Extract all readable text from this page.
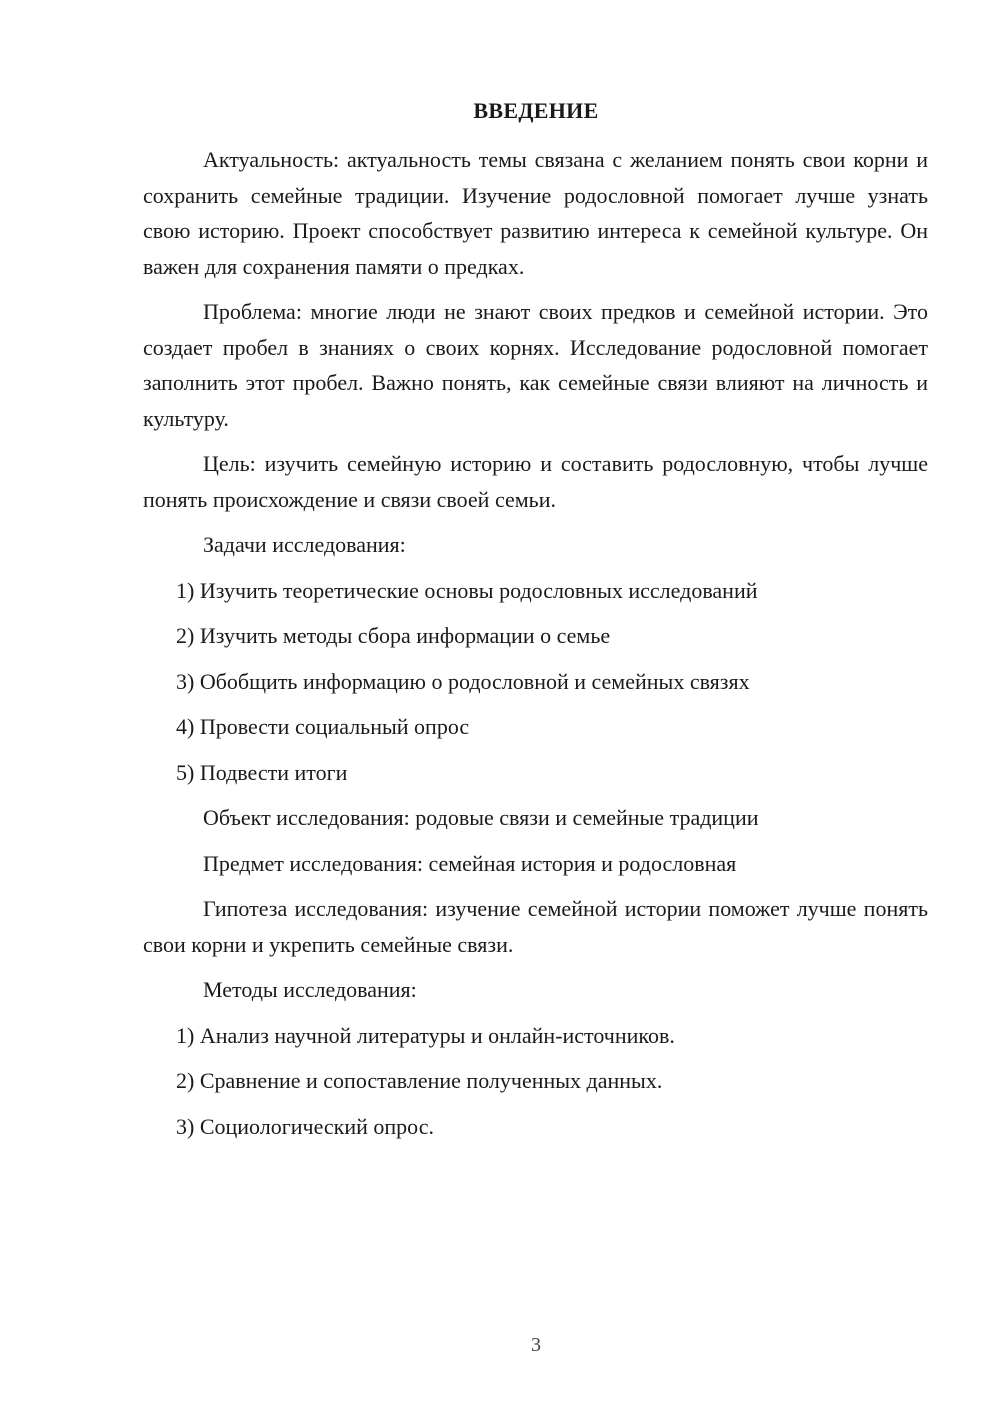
ВВЕДЕНИЕ

Актуальность: актуальность темы связана с желанием понять свои корни и сохранить семейные традиции. Изучение родословной помогает лучше узнать свою историю. Проект способствует развитию интереса к семейной культуре. Он важен для сохранения памяти о предках.

Проблема: многие люди не знают своих предков и семейной истории. Это создает пробел в знаниях о своих корнях. Исследование родословной помогает заполнить этот пробел. Важно понять, как семейные связи влияют на личность и культуру.

Цель: изучить семейную историю и составить родословную, чтобы лучше понять происхождение и связи своей семьи.

Задачи исследования:

1) Изучить теоретические основы родословных исследований

2) Изучить методы сбора информации о семье

3) Обобщить информацию о родословной и семейных связях

4) Провести социальный опрос

5) Подвести итоги

Объект исследования: родовые связи и семейные традиции

Предмет исследования: семейная история и родословная

Гипотеза исследования: изучение семейной истории поможет лучше понять свои корни и укрепить семейные связи.

Методы исследования:

1) Анализ научной литературы и онлайн-источников.

2) Сравнение и сопоставление полученных данных.

3) Социологический опрос.

3
